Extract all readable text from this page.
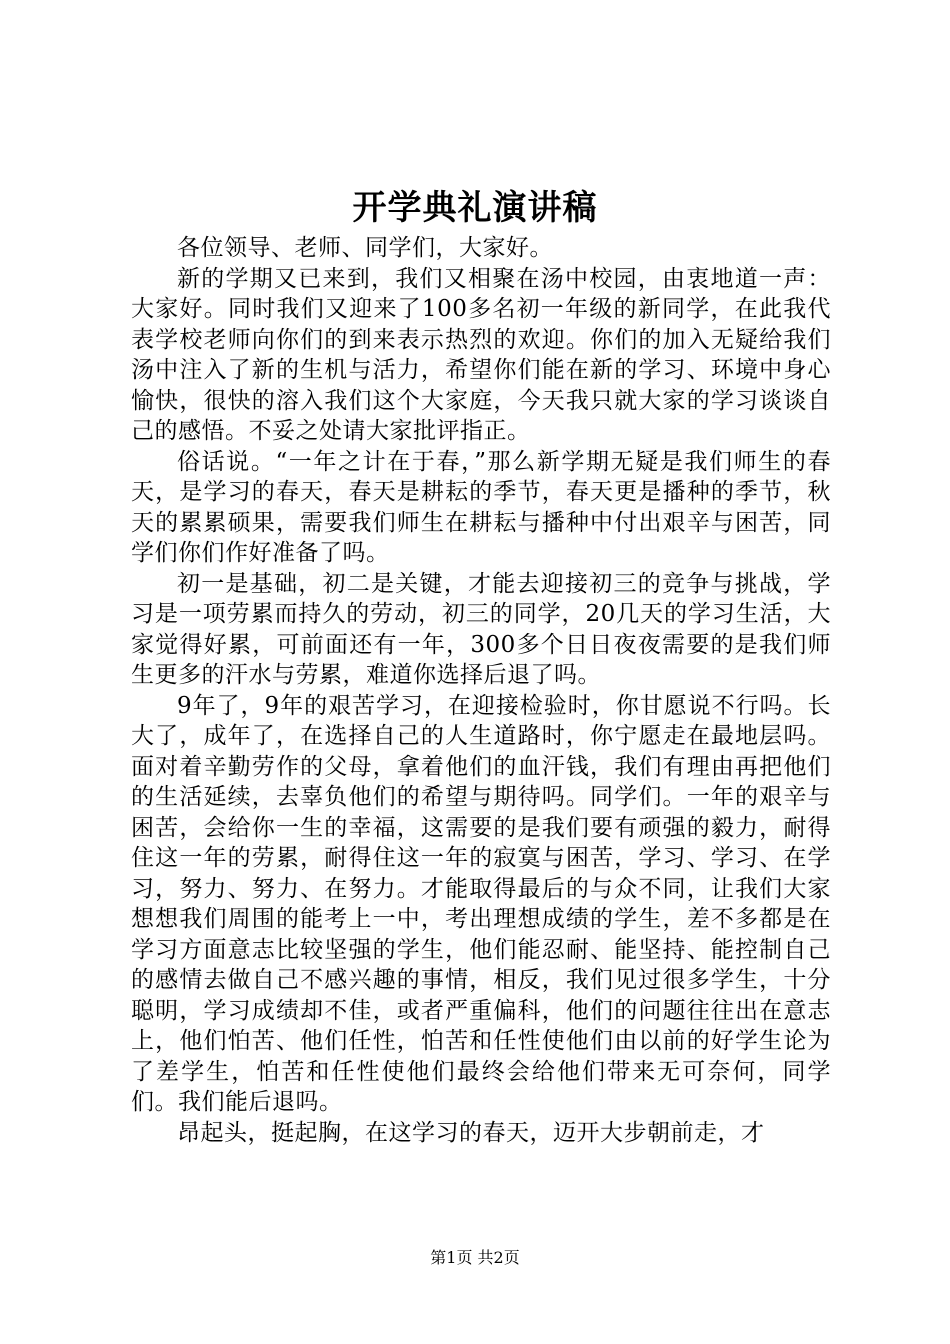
开学典礼演讲稿

各位领导、老师、同学们，大家好。

新的学期又已来到，我们又相聚在汤中校园，由衷地道一声：大家好。同时我们又迎来了100多名初一年级的新同学，在此我代表学校老师向你们的到来表示热烈的欢迎。你们的加入无疑给我们汤中注入了新的生机与活力，希望你们能在新的学习、环境中身心愉快，很快的溶入我们这个大家庭，今天我只就大家的学习谈谈自己的感悟。不妥之处请大家批评指正。

俗话说。“一年之计在于春，”那么新学期无疑是我们师生的春天，是学习的春天，春天是耕耘的季节，春天更是播种的季节，秋天的累累硕果，需要我们师生在耕耘与播种中付出艰辛与困苦，同学们你们作好准备了吗。

初一是基础，初二是关键，才能去迎接初三的竞争与挑战，学习是一项劳累而持久的劳动，初三的同学，20几天的学习生活，大家觉得好累，可前面还有一年，300多个日日夜夜需要的是我们师生更多的汗水与劳累，难道你选择后退了吗。

9年了，9年的艰苦学习，在迎接检验时，你甘愿说不行吗。长大了，成年了，在选择自己的人生道路时，你宁愿走在最地层吗。面对着辛勤劳作的父母，拿着他们的血汗钱，我们有理由再把他们的生活延续，去辜负他们的希望与期待吗。同学们。一年的艰辛与困苦，会给你一生的幸福，这需要的是我们要有顽强的毅力，耐得住这一年的劳累，耐得住这一年的寂寞与困苦，学习、学习、在学习，努力、努力、在努力。才能取得最后的与众不同，让我们大家想想我们周围的能考上一中，考出理想成绩的学生，差不多都是在学习方面意志比较坚强的学生，他们能忍耐、能坚持、能控制自己的感情去做自己不感兴趣的事情，相反，我们见过很多学生，十分聪明，学习成绩却不佳，或者严重偏科，他们的问题往往出在意志上，他们怕苦、他们任性，怕苦和任性使他们由以前的好学生论为了差学生，怕苦和任性使他们最终会给他们带来无可奈何，同学们。我们能后退吗。

昂起头，挺起胸，在这学习的春天，迈开大步朝前走，才

第1页 共2页
